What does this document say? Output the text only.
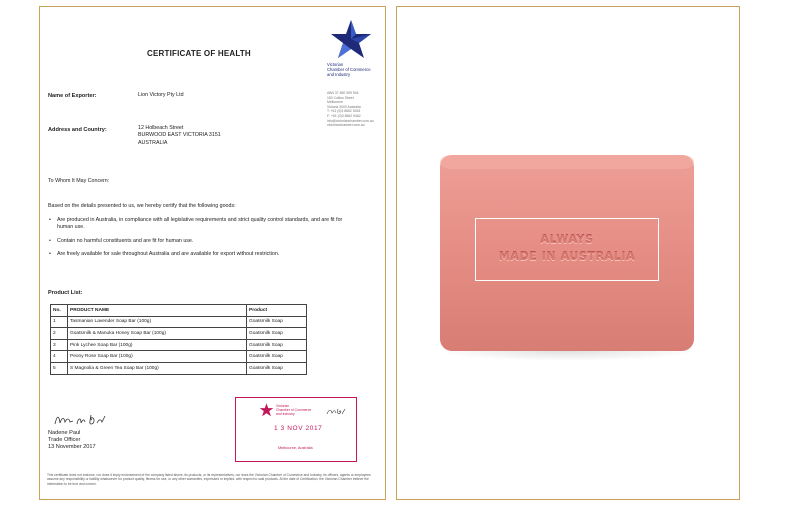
CERTIFICATE OF HEALTH
Victorian
Chamber of Commerce
and Industry
ABN 37 650 959 904
150 Collins Street
Melbourne
Victoria 3000 Australia
T: +61 (0)3 8662 5333
F: +61 (0)3 8662 5462
info@victorianchamber.com.au
victorianchamber.com.au
Name of Exporter:	Lion Victory Pty Ltd
Address and Country:	12 Holbeach Street
BURWOOD EAST VICTORIA 3151
AUSTRALIA
To Whom It May Concern:
Based on the details presented to us, we hereby certify that the following goods:
• Are produced in Australia, in compliance with all legislative requirements and strict quality control standards, and are fit for human use.
• Contain no harmful constituents and are fit for human use.
• Are freely available for sale throughout Australia and are available for export without restriction.
Product List:
No.	PRODUCT NAME	Product
1	Tasmanian Lavender Soap Bar (100g)	Goatsmilk Soap
2	Goatsmilk & Manuka Honey Soap Bar (100g)	Goatsmilk Soap
3	Pink Lychee Soap Bar (100g)	Goatsmilk Soap
4	Peony Rose Soap Bar (100g)	Goatsmilk Soap
5	S Magnolia & Green Tea Soap Bar (100g)	Goatsmilk Soap
Nadene Paul
Trade Officer
13 November 2017
Victorian
Chamber of Commerce
and Industry
1 3 NOV 2017
Melbourne, Australia
This certificate does not endorse, nor does it imply endorsement of the company listed above, its products, or its representatives, nor does the Victorian Chamber of Commerce and Industry, its officers, agents or employees assume any responsibility or liability whatsoever for product quality, fitness for use, or any other warranties, expressed or implied, with respect to said products. At the date of Certification, the Victorian Chamber believe the information to be true and correct.
ALWAYS
MADE IN AUSTRALIA
